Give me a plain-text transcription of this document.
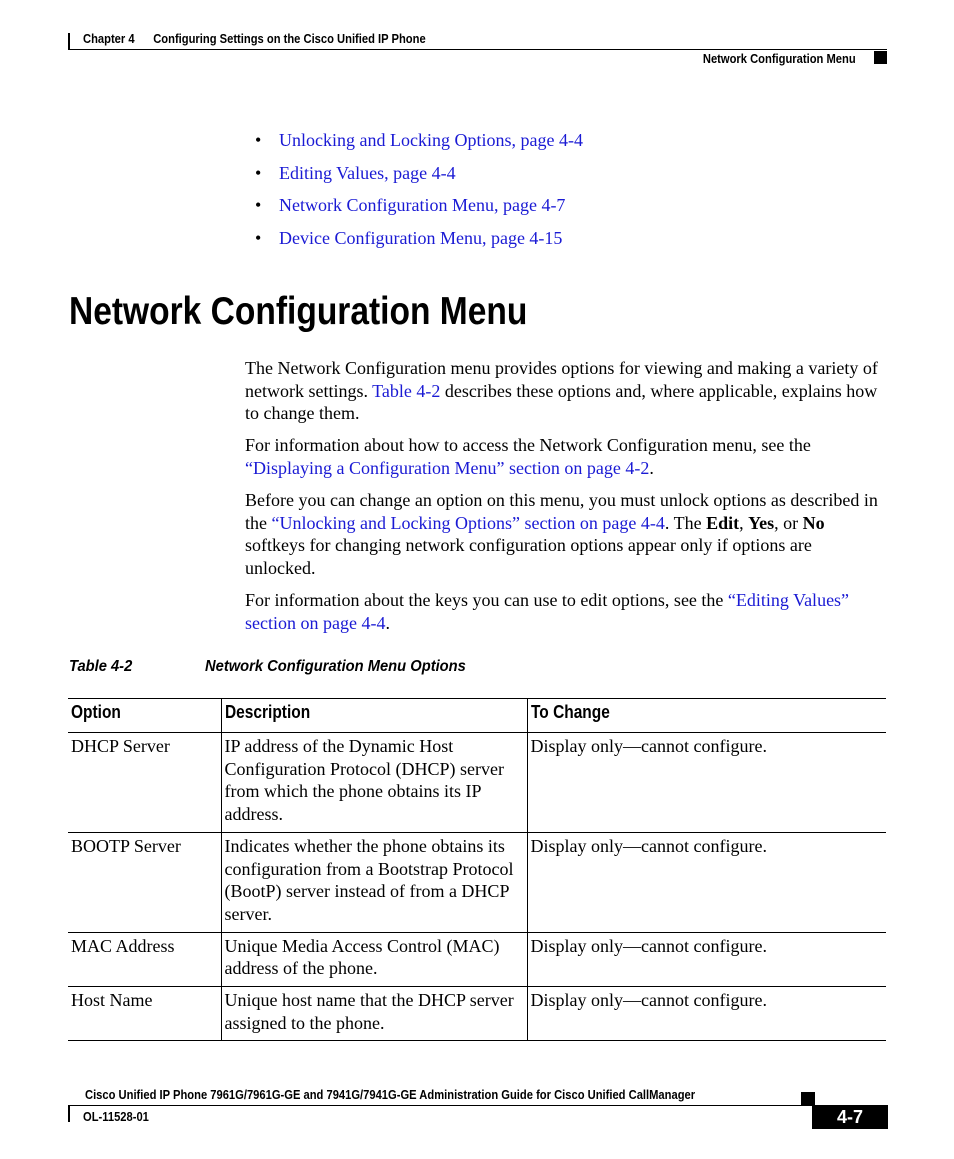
Chapter 4 Configuring Settings on the Cisco Unified IP Phone
Network Configuration Menu
• Unlocking and Locking Options, page 4-4
• Editing Values, page 4-4
• Network Configuration Menu, page 4-7
• Device Configuration Menu, page 4-15
Network Configuration Menu

The Network Configuration menu provides options for viewing and making a variety of network settings. Table 4-2 describes these options and, where applicable, explains how to change them.

For information about how to access the Network Configuration menu, see the “Displaying a Configuration Menu” section on page 4-2.

Before you can change an option on this menu, you must unlock options as described in the “Unlocking and Locking Options” section on page 4-4. The Edit, Yes, or No softkeys for changing network configuration options appear only if options are unlocked.

For information about the keys you can use to edit options, see the “Editing Values” section on page 4-4.

Table 4-2	Network Configuration Menu Options
Option	Description	To Change
DHCP Server	IP address of the Dynamic Host Configuration Protocol (DHCP) server from which the phone obtains its IP address.	Display only—cannot configure.
BOOTP Server	Indicates whether the phone obtains its configuration from a Bootstrap Protocol (BootP) server instead of from a DHCP server.	Display only—cannot configure.
MAC Address	Unique Media Access Control (MAC) address of the phone.	Display only—cannot configure.
Host Name	Unique host name that the DHCP server assigned to the phone.	Display only—cannot configure.
Cisco Unified IP Phone 7961G/7961G-GE and 7941G/7941G-GE Administration Guide for Cisco Unified CallManager
OL-11528-01	4-7
